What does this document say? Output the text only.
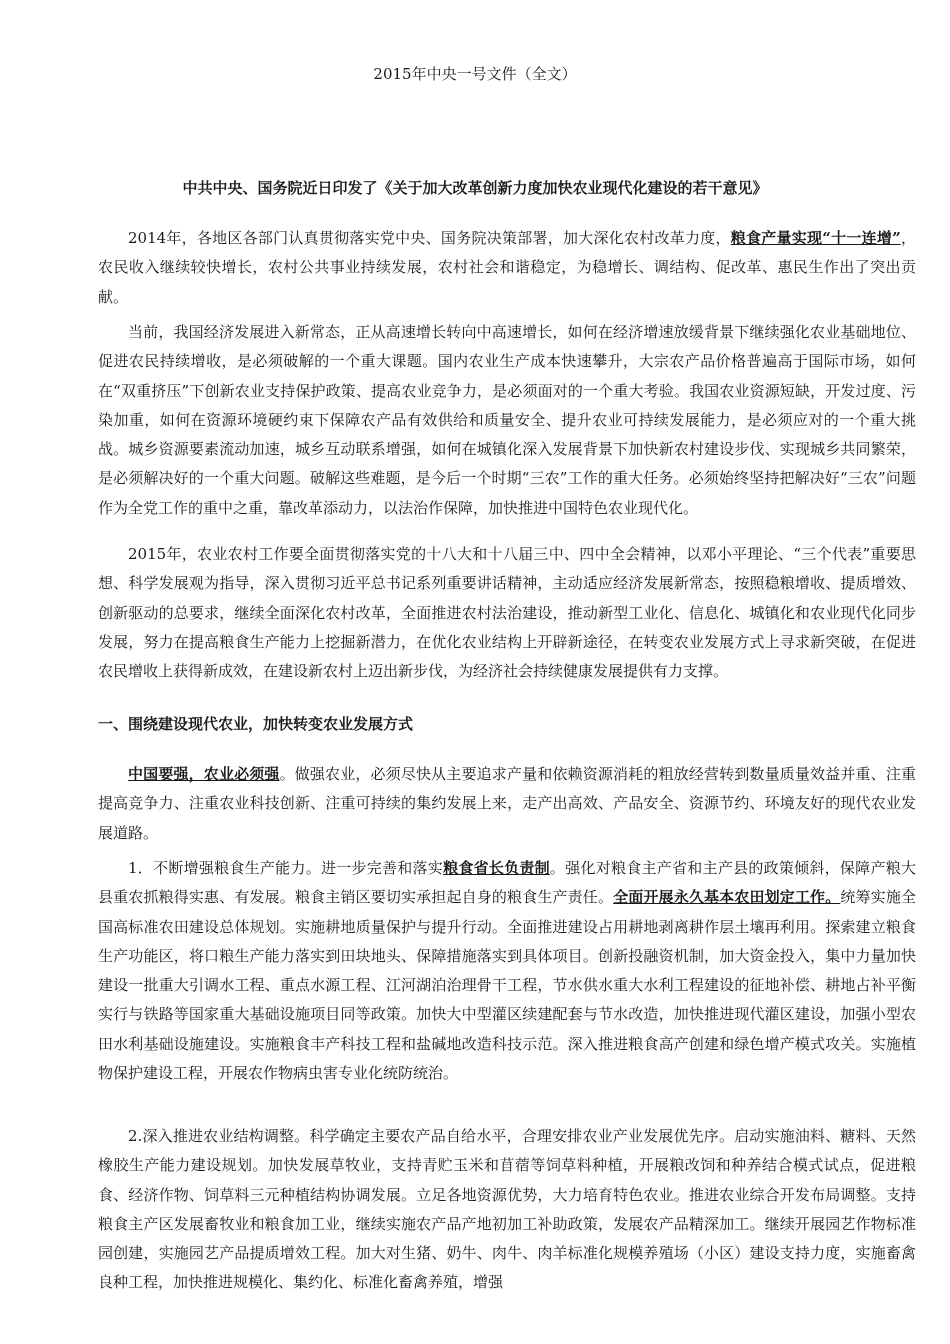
2015年中央一号文件（全文）
中共中央、国务院近日印发了《关于加大改革创新力度加快农业现代化建设的若干意见》

2014年，各地区各部门认真贯彻落实党中央、国务院决策部署，加大深化农村改革力度，粮食产量实现“十一连增”，农民收入继续较快增长，农村公共事业持续发展，农村社会和谐稳定，为稳增长、调结构、促改革、惠民生作出了突出贡献。

当前，我国经济发展进入新常态，正从高速增长转向中高速增长，如何在经济增速放缓背景下继续强化农业基础地位、促进农民持续增收，是必须破解的一个重大课题。国内农业生产成本快速攀升，大宗农产品价格普遍高于国际市场，如何在“双重挤压”下创新农业支持保护政策、提高农业竞争力，是必须面对的一个重大考验。我国农业资源短缺，开发过度、污染加重，如何在资源环境硬约束下保障农产品有效供给和质量安全、提升农业可持续发展能力，是必须应对的一个重大挑战。城乡资源要素流动加速，城乡互动联系增强，如何在城镇化深入发展背景下加快新农村建设步伐、实现城乡共同繁荣，是必须解决好的一个重大问题。破解这些难题，是今后一个时期“三农”工作的重大任务。必须始终坚持把解决好“三农”问题作为全党工作的重中之重，靠改革添动力，以法治作保障，加快推进中国特色农业现代化。

2015年，农业农村工作要全面贯彻落实党的十八大和十八届三中、四中全会精神，以邓小平理论、“三个代表”重要思想、科学发展观为指导，深入贯彻习近平总书记系列重要讲话精神，主动适应经济发展新常态，按照稳粮增收、提质增效、创新驱动的总要求，继续全面深化农村改革，全面推进农村法治建设，推动新型工业化、信息化、城镇化和农业现代化同步发展，努力在提高粮食生产能力上挖掘新潜力，在优化农业结构上开辟新途径，在转变农业发展方式上寻求新突破，在促进农民增收上获得新成效，在建设新农村上迈出新步伐，为经济社会持续健康发展提供有力支撑。

一、围绕建设现代农业，加快转变农业发展方式

中国要强，农业必须强。做强农业，必须尽快从主要追求产量和依赖资源消耗的粗放经营转到数量质量效益并重、注重提高竞争力、注重农业科技创新、注重可持续的集约发展上来，走产出高效、产品安全、资源节约、环境友好的现代农业发展道路。

1．不断增强粮食生产能力。进一步完善和落实粮食省长负责制。强化对粮食主产省和主产县的政策倾斜，保障产粮大县重农抓粮得实惠、有发展。粮食主销区要切实承担起自身的粮食生产责任。全面开展永久基本农田划定工作。统筹实施全国高标准农田建设总体规划。实施耕地质量保护与提升行动。全面推进建设占用耕地剥离耕作层土壤再利用。探索建立粮食生产功能区，将口粮生产能力落实到田块地头、保障措施落实到具体项目。创新投融资机制，加大资金投入，集中力量加快建设一批重大引调水工程、重点水源工程、江河湖泊治理骨干工程，节水供水重大水利工程建设的征地补偿、耕地占补平衡实行与铁路等国家重大基础设施项目同等政策。加快大中型灌区续建配套与节水改造，加快推进现代灌区建设，加强小型农田水利基础设施建设。实施粮食丰产科技工程和盐碱地改造科技示范。深入推进粮食高产创建和绿色增产模式攻关。实施植物保护建设工程，开展农作物病虫害专业化统防统治。

2.深入推进农业结构调整。科学确定主要农产品自给水平，合理安排农业产业发展优先序。启动实施油料、糖料、天然橡胶生产能力建设规划。加快发展草牧业，支持青贮玉米和苜蓿等饲草料种植，开展粮改饲和种养结合模式试点，促进粮食、经济作物、饲草料三元种植结构协调发展。立足各地资源优势，大力培育特色农业。推进农业综合开发布局调整。支持粮食主产区发展畜牧业和粮食加工业，继续实施农产品产地初加工补助政策，发展农产品精深加工。继续开展园艺作物标准园创建，实施园艺产品提质增效工程。加大对生猪、奶牛、肉牛、肉羊标准化规模养殖场（小区）建设支持力度，实施畜禽良种工程，加快推进规模化、集约化、标准化畜禽养殖，增强
